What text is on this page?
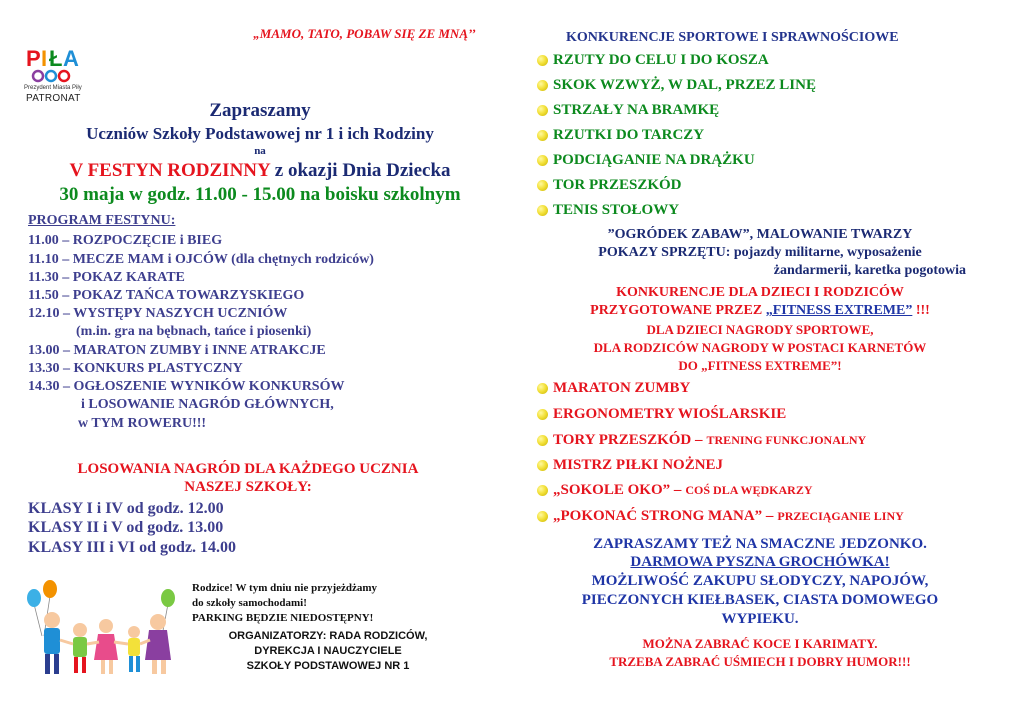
„MAMO, TATO, POBAW SIĘ ZE MNĄ’’
P I Ł A
Prezydent Miasta Piły
PATRONAT
Zapraszamy
Uczniów Szkoły Podstawowej nr 1 i ich Rodziny
na
V FESTYN RODZINNY z okazji Dnia Dziecka
30 maja w godz. 11.00 - 15.00 na boisku szkolnym
PROGRAM FESTYNU:
11.00 – ROZPOCZĘCIE i BIEG
11.10 – MECZE MAM i OJCÓW (dla chętnych rodziców)
11.30 – POKAZ KARATE
11.50 – POKAZ TAŃCA TOWARZYSKIEGO
12.10 – WYSTĘPY NASZYCH UCZNIÓW
(m.in. gra na bębnach, tańce i piosenki)
13.00 – MARATON ZUMBY i INNE ATRAKCJE
13.30 – KONKURS PLASTYCZNY
14.30 – OGŁOSZENIE WYNIKÓW KONKURSÓW
i LOSOWANIE NAGRÓD GŁÓWNYCH,
w TYM ROWERU!!!
LOSOWANIA NAGRÓD DLA KAŻDEGO UCZNIA
NASZEJ SZKOŁY:
KLASY I i IV od godz. 12.00
KLASY II i V od godz. 13.00
KLASY III i VI od godz. 14.00
Rodzice! W tym dniu nie przyjeżdżamy
do szkoły samochodami!
PARKING BĘDZIE NIEDOSTĘPNY!
ORGANIZATORZY: RADA RODZICÓW,
DYREKCJA I NAUCZYCIELE
SZKOŁY PODSTAWOWEJ NR 1
KONKURENCJE SPORTOWE I SPRAWNOŚCIOWE
RZUTY DO CELU I DO KOSZA
SKOK WZWYŻ, W DAL, PRZEZ LINĘ
STRZAŁY NA BRAMKĘ
RZUTKI DO TARCZY
PODCIĄGANIE NA DRĄŻKU
TOR PRZESZKÓD
TENIS STOŁOWY
”OGRÓDEK ZABAW”, MALOWANIE TWARZY
POKAZY SPRZĘTU: pojazdy militarne, wyposażenie
żandarmerii, karetka pogotowia
KONKURENCJE DLA DZIECI I RODZICÓW
PRZYGOTOWANE PRZEZ „FITNESS EXTREME” !!!
DLA DZIECI NAGRODY SPORTOWE,
DLA RODZICÓW NAGRODY W POSTACI KARNETÓW
DO „FITNESS EXTREME”!
MARATON ZUMBY
ERGONOMETRY WIOŚLARSKIE
TORY PRZESZKÓD – TRENING FUNKCJONALNY
MISTRZ PIŁKI NOŻNEJ
„SOKOLE OKO” – COŚ DLA WĘDKARZY
„POKONAĆ STRONG MANA” – PRZECIĄGANIE LINY
ZAPRASZAMY TEŻ NA SMACZNE JEDZONKO.
DARMOWA PYSZNA GROCHÓWKA!
MOŻLIWOŚĆ ZAKUPU SŁODYCZY, NAPOJÓW,
PIECZONYCH KIEŁBASEK, CIASTA DOMOWEGO
WYPIEKU.
MOŻNA ZABRAĆ KOCE I KARIMATY.
TRZEBA ZABRAĆ UŚMIECH I DOBRY HUMOR!!!
